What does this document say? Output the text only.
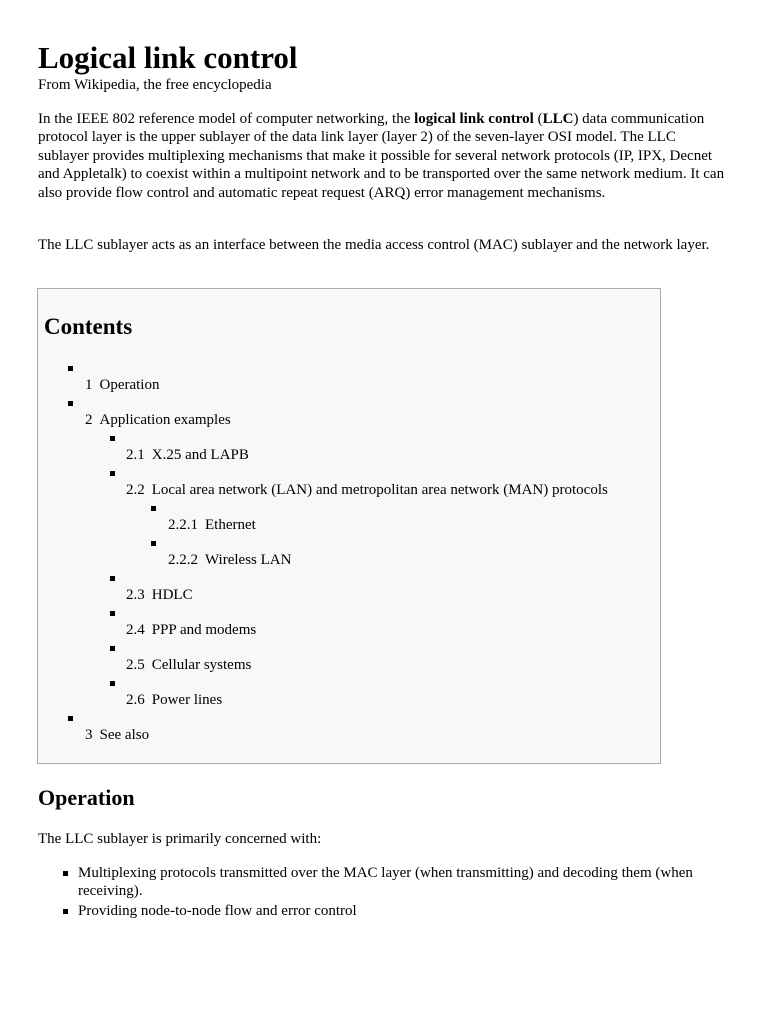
Logical link control
From Wikipedia, the free encyclopedia

In the IEEE 802 reference model of computer networking, the logical link control (LLC) data communication protocol layer is the upper sublayer of the data link layer (layer 2) of the seven-layer OSI model. The LLC sublayer provides multiplexing mechanisms that make it possible for several network protocols (IP, IPX, Decnet and Appletalk) to coexist within a multipoint network and to be transported over the same network medium. It can also provide flow control and automatic repeat request (ARQ) error management mechanisms.

The LLC sublayer acts as an interface between the media access control (MAC) sublayer and the network layer.

Contents
1 Operation
2 Application examples
2.1 X.25 and LAPB
2.2 Local area network (LAN) and metropolitan area network (MAN) protocols
2.2.1 Ethernet
2.2.2 Wireless LAN
2.3 HDLC
2.4 PPP and modems
2.5 Cellular systems
2.6 Power lines
3 See also
Operation

The LLC sublayer is primarily concerned with:

Multiplexing protocols transmitted over the MAC layer (when transmitting) and decoding them (when receiving).
Providing node-to-node flow and error control
